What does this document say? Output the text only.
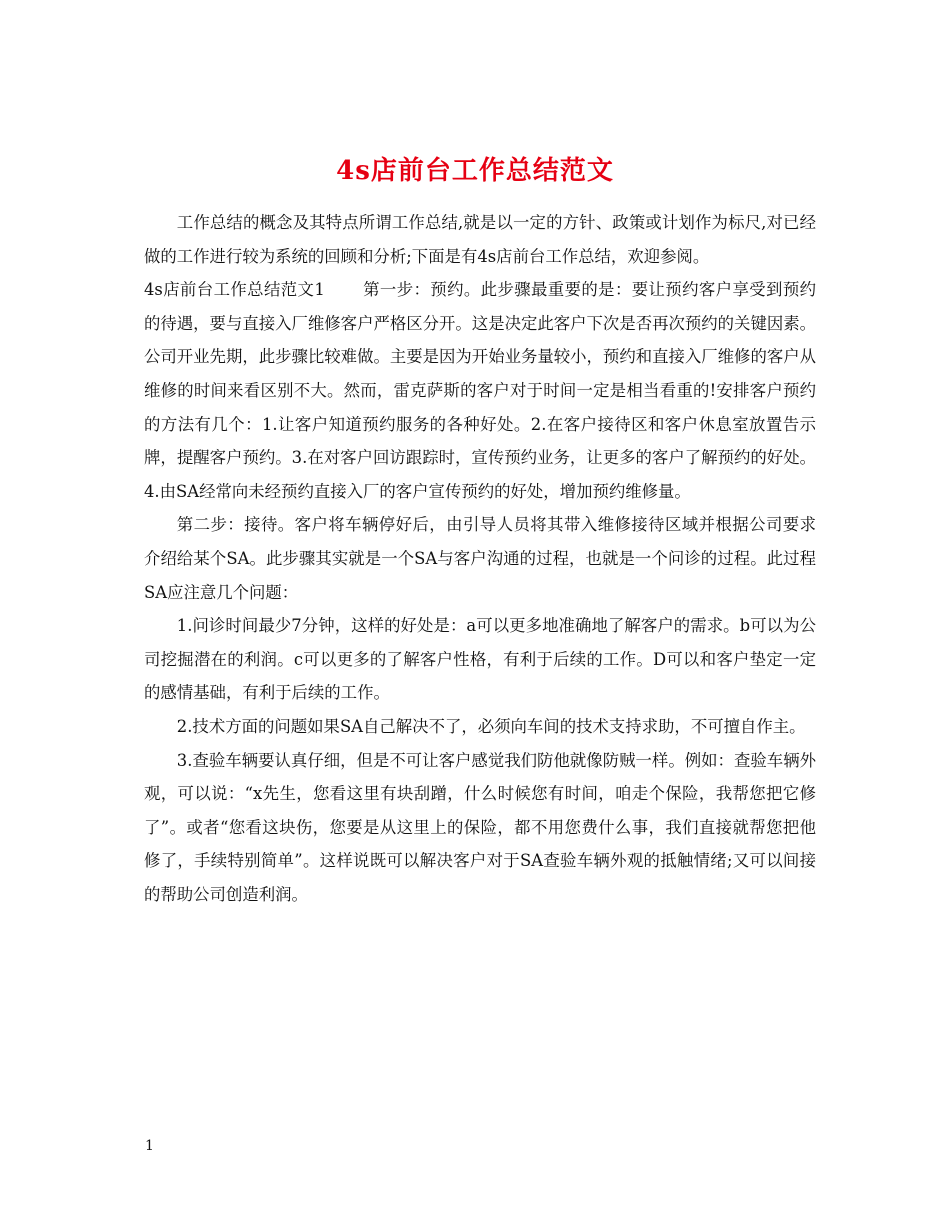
4s店前台工作总结范文

工作总结的概念及其特点所谓工作总结,就是以一定的方针、政策或计划作为标尺,对已经做的工作进行较为系统的回顾和分析;下面是有4s店前台工作总结，欢迎参阅。

4s店前台工作总结范文1 第一步：预约。此步骤最重要的是：要让预约客户享受到预约的待遇，要与直接入厂维修客户严格区分开。这是决定此客户下次是否再次预约的关键因素。公司开业先期，此步骤比较难做。主要是因为开始业务量较小，预约和直接入厂维修的客户从维修的时间来看区别不大。然而，雷克萨斯的客户对于时间一定是相当看重的!安排客户预约的方法有几个：1.让客户知道预约服务的各种好处。2.在客户接待区和客户休息室放置告示牌，提醒客户预约。3.在对客户回访跟踪时，宣传预约业务，让更多的客户了解预约的好处。4.由SA经常向未经预约直接入厂的客户宣传预约的好处，增加预约维修量。

第二步：接待。客户将车辆停好后，由引导人员将其带入维修接待区域并根据公司要求介绍给某个SA。此步骤其实就是一个SA与客户沟通的过程，也就是一个问诊的过程。此过程SA应注意几个问题：

1.问诊时间最少7分钟，这样的好处是：a可以更多地准确地了解客户的需求。b可以为公司挖掘潜在的利润。c可以更多的了解客户性格，有利于后续的工作。D可以和客户垫定一定的感情基础，有利于后续的工作。

2.技术方面的问题如果SA自己解决不了，必须向车间的技术支持求助，不可擅自作主。

3.查验车辆要认真仔细，但是不可让客户感觉我们防他就像防贼一样。例如：查验车辆外观，可以说：“x先生，您看这里有块刮蹭，什么时候您有时间，咱走个保险，我帮您把它修了”。或者“您看这块伤，您要是从这里上的保险，都不用您费什么事，我们直接就帮您把他修了，手续特别简单”。这样说既可以解决客户对于SA查验车辆外观的抵触情绪;又可以间接的帮助公司创造利润。

1
